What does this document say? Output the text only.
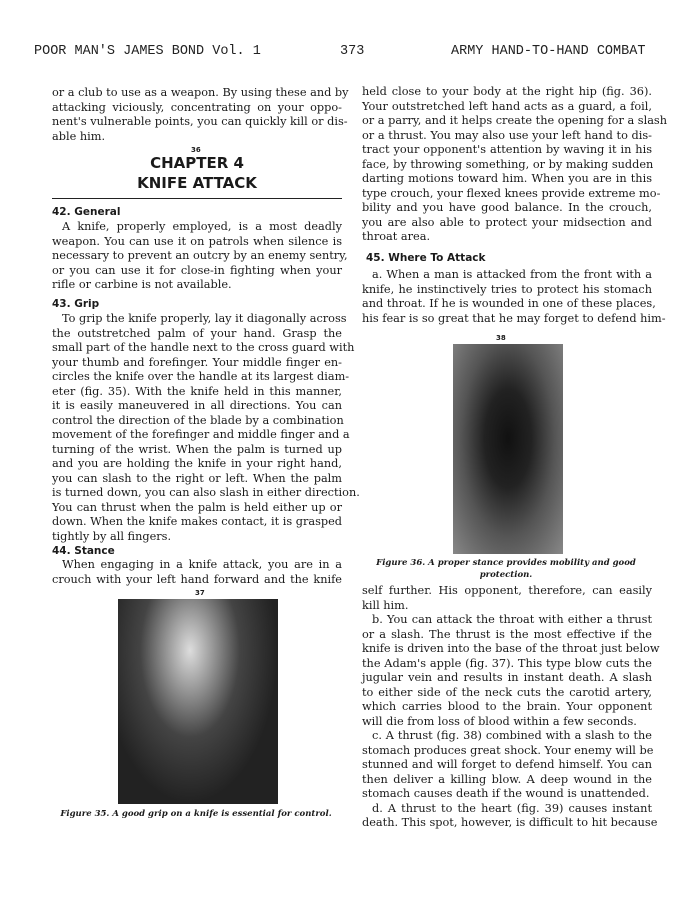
POOR MAN'S JAMES BOND Vol. 1	373	ARMY HAND-TO-HAND COMBAT
or a club to use as a weapon. By using these and by
attacking viciously, concentrating on your oppo-
nent's vulnerable points, you can quickly kill or dis-
able him.
36
CHAPTER 4
KNIFE ATTACK
42. General
A knife, properly employed, is a most deadly
weapon. You can use it on patrols when silence is
necessary to prevent an outcry by an enemy sentry,
or you can use it for close-in fighting when your
rifle or carbine is not available.
43. Grip
To grip the knife properly, lay it diagonally across
the outstretched palm of your hand. Grasp the
small part of the handle next to the cross guard with
your thumb and forefinger. Your middle finger en-
circles the knife over the handle at its largest diam-
eter (fig. 35). With the knife held in this manner,
it is easily maneuvered in all directions. You can
control the direction of the blade by a combination
movement of the forefinger and middle finger and a
turning of the wrist. When the palm is turned up
and you are holding the knife in your right hand,
you can slash to the right or left. When the palm
is turned down, you can also slash in either direction.
You can thrust when the palm is held either up or
down. When the knife makes contact, it is grasped
tightly by all fingers.
44. Stance
When engaging in a knife attack, you are in a
crouch with your left hand forward and the knife
37
Figure 35. A good grip on a knife is essential for control.
held close to your body at the right hip (fig. 36).
Your outstretched left hand acts as a guard, a foil,
or a parry, and it helps create the opening for a slash
or a thrust. You may also use your left hand to dis-
tract your opponent's attention by waving it in his
face, by throwing something, or by making sudden
darting motions toward him. When you are in this
type crouch, your flexed knees provide extreme mo-
bility and you have good balance. In the crouch,
you are also able to protect your midsection and
throat area.
45. Where To Attack
a. When a man is attacked from the front with a
knife, he instinctively tries to protect his stomach
and throat. If he is wounded in one of these places,
his fear is so great that he may forget to defend him-
38
Figure 36. A proper stance provides mobility and good
protection.
self further. His opponent, therefore, can easily
kill him.
b. You can attack the throat with either a thrust
or a slash. The thrust is the most effective if the
knife is driven into the base of the throat just below
the Adam's apple (fig. 37). This type blow cuts the
jugular vein and results in instant death. A slash
to either side of the neck cuts the carotid artery,
which carries blood to the brain. Your opponent
will die from loss of blood within a few seconds.
c. A thrust (fig. 38) combined with a slash to the
stomach produces great shock. Your enemy will be
stunned and will forget to defend himself. You can
then deliver a killing blow. A deep wound in the
stomach causes death if the wound is unattended.
d. A thrust to the heart (fig. 39) causes instant
death. This spot, however, is difficult to hit because
